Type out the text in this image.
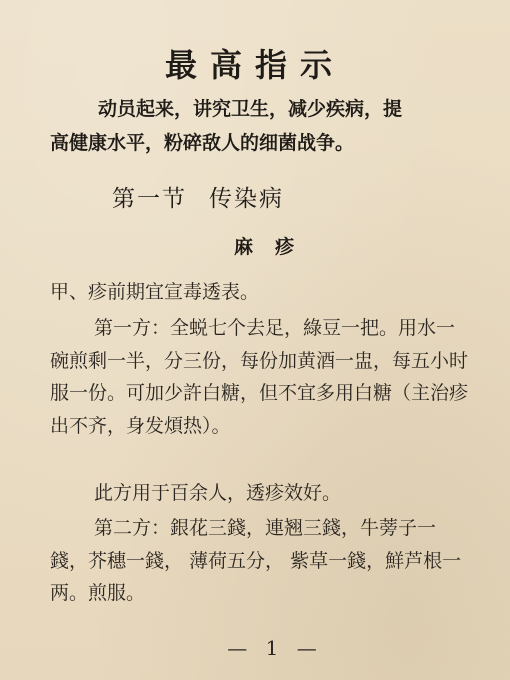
最高指示
动员起来，讲究卫生，减少疾病，提
高健康水平，粉碎敌人的细菌战争。
第一节 传染病
麻疹
甲、疹前期宜宣毒透表。
第一方：全蜕七个去足，綠豆一把。用水一碗煎剩一半，分三份，每份加黄酒一盅，每五小时服一份。可加少許白糖，但不宜多用白糖（主治疹出不齐，身发煩热）。
此方用于百余人，透疹效好。
第二方：銀花三錢，連翘三錢，牛蒡子一錢，芥穗一錢， 薄荷五分， 紫草一錢，鮮芦根一两。煎服。
— 1 —
